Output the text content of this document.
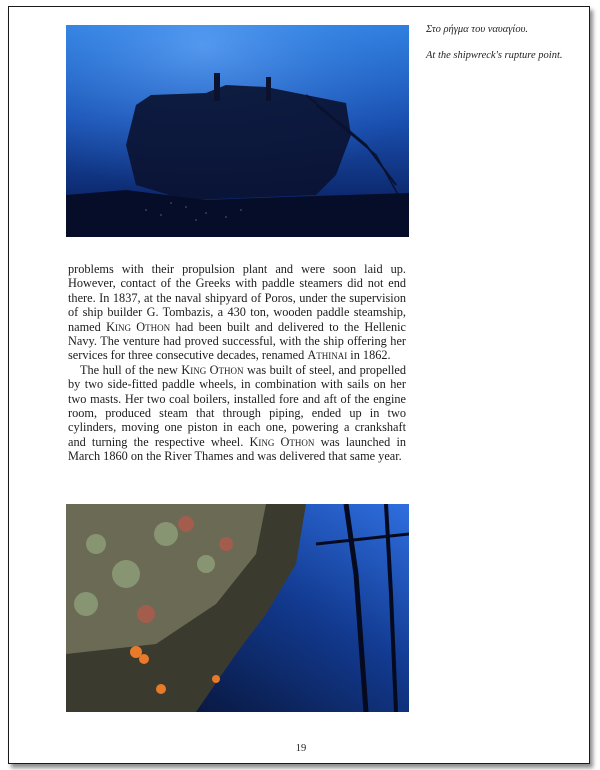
Στο ρήγμα του ναυαγίου.
At the shipwreck's rupture point.

problems with their propulsion plant and were soon laid up. However, contact of the Greeks with paddle steamers did not end there. In 1837, at the naval shipyard of Poros, under the supervision of ship builder G. Tombazis, a 430 ton, wooden paddle steamship, named King Othon had been built and delivered to the Hellenic Navy. The venture had proved successful, with the ship offering her services for three consecutive decades, renamed Athinai in 1862.

The hull of the new King Othon was built of steel, and propelled by two side-fitted paddle wheels, in combination with sails on her two masts. Her two coal boilers, installed fore and aft of the engine room, produced steam that through piping, ended up in two cylinders, moving one piston in each one, powering a crankshaft and turning the respective wheel. King Othon was launched in March 1860 on the River Thames and was delivered that same year.

19
